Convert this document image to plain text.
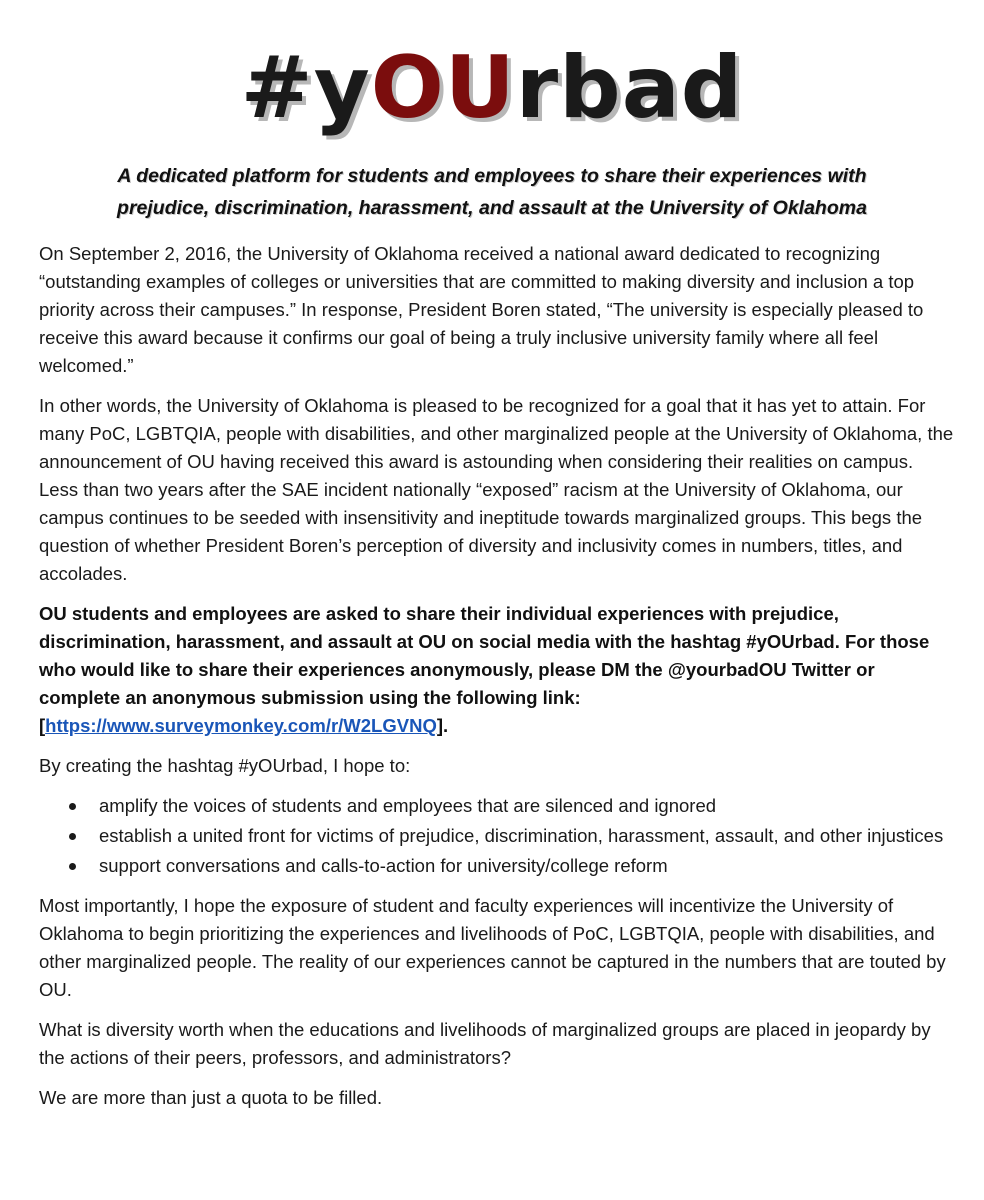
#yOUrbad
A dedicated platform for students and employees to share their experiences with
prejudice, discrimination, harassment, and assault at the University of Oklahoma

On September 2, 2016, the University of Oklahoma received a national award dedicated to recognizing “outstanding examples of colleges or universities that are committed to making diversity and inclusion a top priority across their campuses.” In response, President Boren stated, “The university is especially pleased to receive this award because it confirms our goal of being a truly inclusive university family where all feel welcomed.”

In other words, the University of Oklahoma is pleased to be recognized for a goal that it has yet to attain. For many PoC, LGBTQIA, people with disabilities, and other marginalized people at the University of Oklahoma, the announcement of OU having received this award is astounding when considering their realities on campus. Less than two years after the SAE incident nationally “exposed” racism at the University of Oklahoma, our campus continues to be seeded with insensitivity and ineptitude towards marginalized groups. This begs the question of whether President Boren’s perception of diversity and inclusivity comes in numbers, titles, and accolades.

OU students and employees are asked to share their individual experiences with prejudice, discrimination, harassment, and assault at OU on social media with the hashtag #yOUrbad. For those who would like to share their experiences anonymously, please DM the @yourbadOU Twitter or complete an anonymous submission using the following link: [https://www.surveymonkey.com/r/W2LGVNQ].

By creating the hashtag #yOUrbad, I hope to:

amplify the voices of students and employees that are silenced and ignored
establish a united front for victims of prejudice, discrimination, harassment, assault, and other injustices
support conversations and calls-to-action for university/college reform

Most importantly, I hope the exposure of student and faculty experiences will incentivize the University of Oklahoma to begin prioritizing the experiences and livelihoods of PoC, LGBTQIA, people with disabilities, and other marginalized people. The reality of our experiences cannot be captured in the numbers that are touted by OU.

What is diversity worth when the educations and livelihoods of marginalized groups are placed in jeopardy by the actions of their peers, professors, and administrators?

We are more than just a quota to be filled.
